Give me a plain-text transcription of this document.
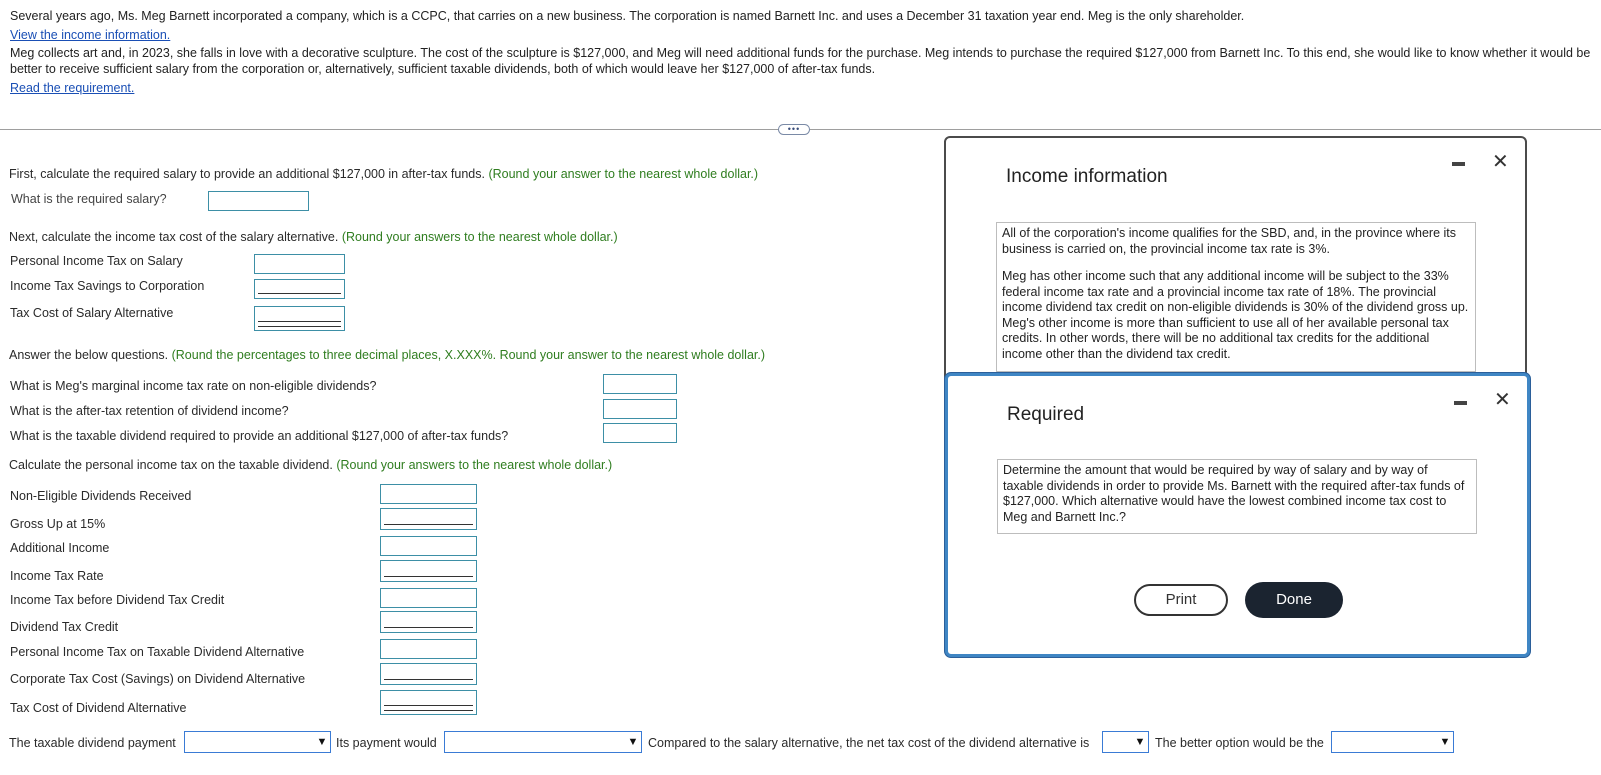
Several years ago, Ms. Meg Barnett incorporated a company, which is a CCPC, that carries on a new business. The corporation is named Barnett Inc. and uses a December 31 taxation year end. Meg is the only shareholder.

View the income information.

Meg collects art and, in 2023, she falls in love with a decorative sculpture. The cost of the sculpture is $127,000, and Meg will need additional funds for the purchase. Meg intends to purchase the required $127,000 from Barnett Inc. To this end, she would like to know whether it would be better to receive sufficient salary from the corporation or, alternatively, sufficient taxable dividends, both of which would leave her $127,000 of after-tax funds.

Read the requirement.

•••
First, calculate the required salary to provide an additional $127,000 in after-tax funds. (Round your answer to the nearest whole dollar.)
What is the required salary?
Next, calculate the income tax cost of the salary alternative. (Round your answers to the nearest whole dollar.)
Personal Income Tax on Salary
Income Tax Savings to Corporation
Tax Cost of Salary Alternative
Answer the below questions. (Round the percentages to three decimal places, X.XXX%. Round your answer to the nearest whole dollar.)
What is Meg's marginal income tax rate on non-eligible dividends?
What is the after-tax retention of dividend income?
What is the taxable dividend required to provide an additional $127,000 of after-tax funds?
Calculate the personal income tax on the taxable dividend. (Round your answers to the nearest whole dollar.)
Non-Eligible Dividends Received
Gross Up at 15%
Additional Income
Income Tax Rate
Income Tax before Dividend Tax Credit
Dividend Tax Credit
Personal Income Tax on Taxable Dividend Alternative
Corporate Tax Cost (Savings) on Dividend Alternative
Tax Cost of Dividend Alternative
The taxable dividend payment	▼ Its payment would	▼ Compared to the salary alternative, the net tax cost of the dividend alternative is	▼ The better option would be the	▼
Income information
✕

All of the corporation's income qualifies for the SBD, and, in the province where its business is carried on, the provincial income tax rate is 3%.

Meg has other income such that any additional income will be subject to the 33% federal income tax rate and a provincial income tax rate of 18%. The provincial income dividend tax credit on non-eligible dividends is 30% of the dividend gross up. Meg's other income is more than sufficient to use all of her available personal tax credits. In other words, there will be no additional tax credits for the additional income other than the dividend tax credit.

Required
✕
Determine the amount that would be required by way of salary and by way of taxable dividends in order to provide Ms. Barnett with the required after-tax funds of $127,000. Which alternative would have the lowest combined income tax cost to Meg and Barnett Inc.?
Print	Done
